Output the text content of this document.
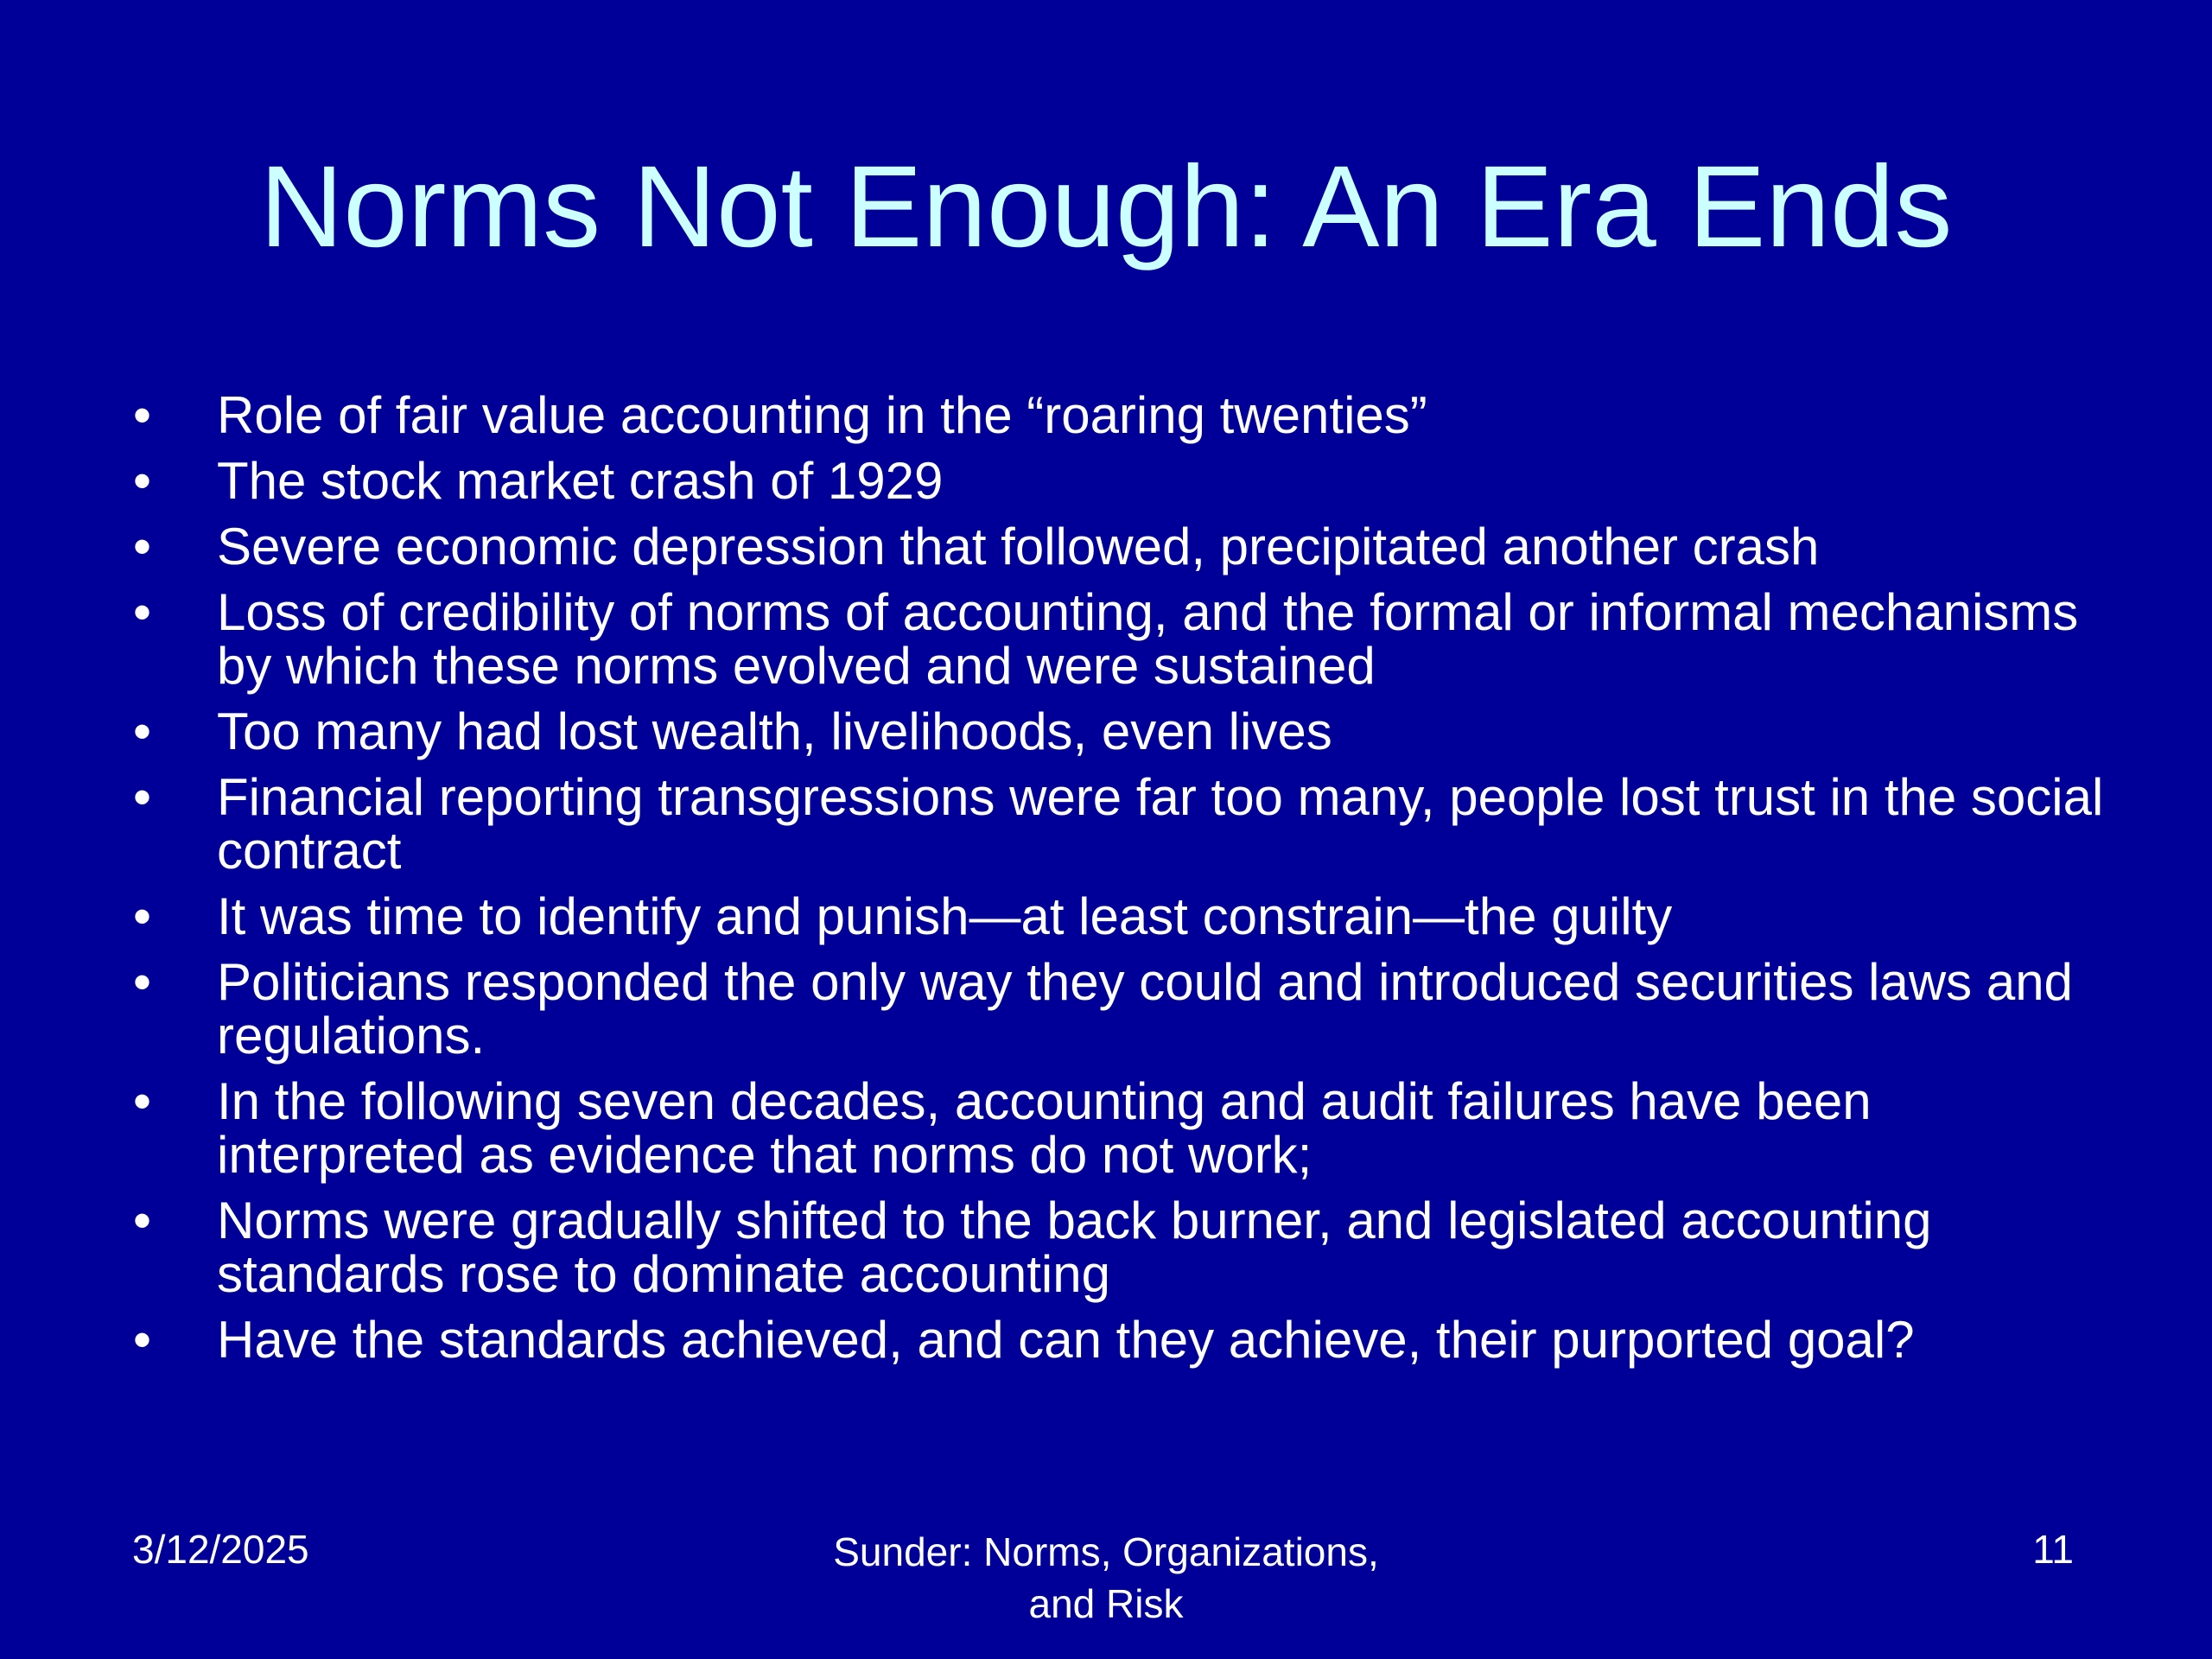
Norms Not Enough: An Era Ends
•	Role of fair value accounting in the “roaring twenties”
•	The stock market crash of 1929
•	Severe economic depression that followed, precipitated another crash
•	Loss of credibility of norms of accounting, and the formal or informal mechanisms by which these norms evolved and were sustained
•	Too many had lost wealth, livelihoods, even lives
•	Financial reporting transgressions were far too many, people lost trust in the social contract
•	It was time to identify and punish—at least constrain—the guilty
•	Politicians responded the only way they could and introduced securities laws and regulations.
•	In the following seven decades, accounting and audit failures have been interpreted as evidence that norms do not work;
•	Norms were gradually shifted to the back burner, and legislated accounting standards rose to dominate accounting
•	Have the standards achieved, and can they achieve, their purported goal?
3/12/2025	Sunder: Norms, Organizations,
and Risk
11
